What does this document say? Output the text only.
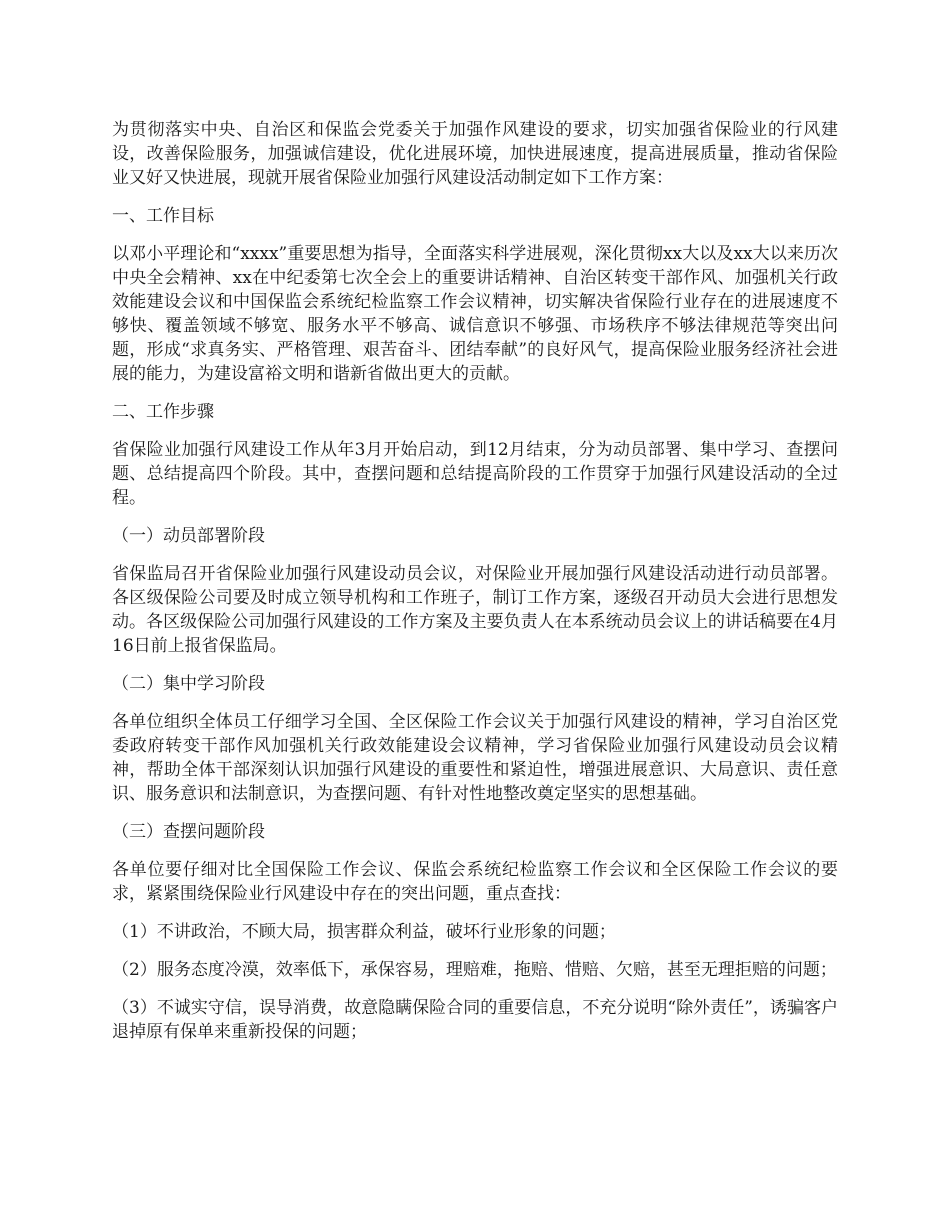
为贯彻落实中央、自治区和保监会党委关于加强作风建设的要求，切实加强省保险业的行风建设，改善保险服务，加强诚信建设，优化进展环境，加快进展速度，提高进展质量，推动省保险业又好又快进展，现就开展省保险业加强行风建设活动制定如下工作方案：

一、工作目标

以邓小平理论和“xxxx”重要思想为指导，全面落实科学进展观，深化贯彻xx大以及xx大以来历次中央全会精神、xx在中纪委第七次全会上的重要讲话精神、自治区转变干部作风、加强机关行政效能建设会议和中国保监会系统纪检监察工作会议精神，切实解决省保险行业存在的进展速度不够快、覆盖领域不够宽、服务水平不够高、诚信意识不够强、市场秩序不够法律规范等突出问题，形成“求真务实、严格管理、艰苦奋斗、团结奉献”的良好风气，提高保险业服务经济社会进展的能力，为建设富裕文明和谐新省做出更大的贡献。

二、工作步骤

省保险业加强行风建设工作从年3月开始启动，到12月结束，分为动员部署、集中学习、查摆问题、总结提高四个阶段。其中，查摆问题和总结提高阶段的工作贯穿于加强行风建设活动的全过程。

（一）动员部署阶段

省保监局召开省保险业加强行风建设动员会议，对保险业开展加强行风建设活动进行动员部署。各区级保险公司要及时成立领导机构和工作班子，制订工作方案，逐级召开动员大会进行思想发动。各区级保险公司加强行风建设的工作方案及主要负责人在本系统动员会议上的讲话稿要在4月16日前上报省保监局。

（二）集中学习阶段

各单位组织全体员工仔细学习全国、全区保险工作会议关于加强行风建设的精神，学习自治区党委政府转变干部作风加强机关行政效能建设会议精神，学习省保险业加强行风建设动员会议精神，帮助全体干部深刻认识加强行风建设的重要性和紧迫性，增强进展意识、大局意识、责任意识、服务意识和法制意识，为查摆问题、有针对性地整改奠定坚实的思想基础。

（三）查摆问题阶段

各单位要仔细对比全国保险工作会议、保监会系统纪检监察工作会议和全区保险工作会议的要求，紧紧围绕保险业行风建设中存在的突出问题，重点查找：

（1）不讲政治，不顾大局，损害群众利益，破坏行业形象的问题；

（2）服务态度冷漠，效率低下，承保容易，理赔难，拖赔、惜赔、欠赔，甚至无理拒赔的问题；

（3）不诚实守信，误导消费，故意隐瞒保险合同的重要信息，不充分说明“除外责任”，诱骗客户退掉原有保单来重新投保的问题；
